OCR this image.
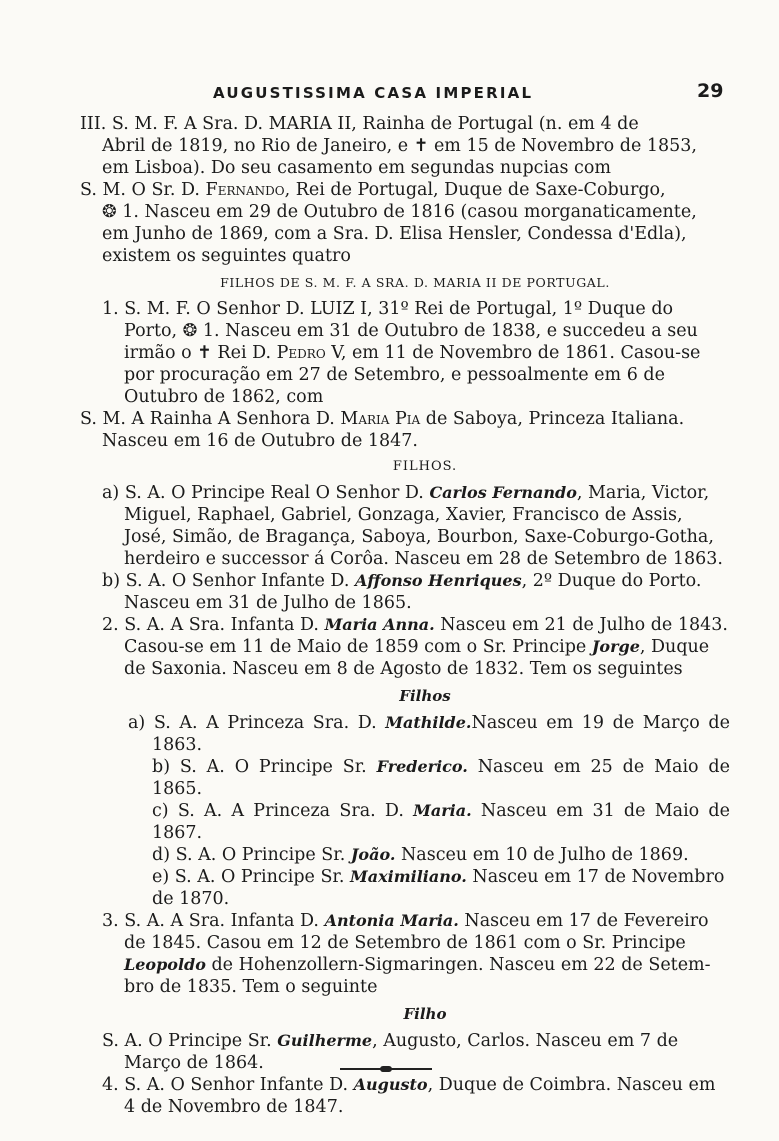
AUGUSTISSIMA CASA IMPERIAL	29
III. S. M. F. A Sra. D. MARIA II, Rainha de Portugal (n. em 4 de
Abril de 1819, no Rio de Janeiro, e ✝ em 15 de Novembro de 1853,
em Lisboa). Do seu casamento em segundas nupcias com
S. M. O Sr. D. Fernando, Rei de Portugal, Duque de Saxe-Coburgo,
❂ 1. Nasceu em 29 de Outubro de 1816 (casou morganaticamente,
em Junho de 1869, com a Sra. D. Elisa Hensler, Condessa d'Edla),
existem os seguintes quatro
FILHOS DE S. M. F. A SRA. D. MARIA II DE PORTUGAL.
1. S. M. F. O Senhor D. LUIZ I, 31º Rei de Portugal, 1º Duque do
Porto, ❂ 1. Nasceu em 31 de Outubro de 1838, e succedeu a seu
irmão o ✝ Rei D. Pedro V, em 11 de Novembro de 1861. Casou-se
por procuração em 27 de Setembro, e pessoalmente em 6 de
Outubro de 1862, com
S. M. A Rainha A Senhora D. Maria Pia de Saboya, Princeza Italiana.
Nasceu em 16 de Outubro de 1847.
FILHOS.
a) S. A. O Principe Real O Senhor D. Carlos Fernando, Maria, Victor,
Miguel, Raphael, Gabriel, Gonzaga, Xavier, Francisco de Assis,
José, Simão, de Bragança, Saboya, Bourbon, Saxe-Coburgo-Gotha,
herdeiro e successor á Corôa. Nasceu em 28 de Setembro de 1863.
b) S. A. O Senhor Infante D. Affonso Henriques, 2º Duque do Porto.
Nasceu em 31 de Julho de 1865.
2. S. A. A Sra. Infanta D. Maria Anna. Nasceu em 21 de Julho de 1843.
Casou-se em 11 de Maio de 1859 com o Sr. Principe Jorge, Duque
de Saxonia. Nasceu em 8 de Agosto de 1832. Tem os seguintes
Filhos
a) S. A. A Princeza Sra. D. Mathilde.Nasceu em 19 de Março de 1863.
b) S. A. O Principe Sr. Frederico. Nasceu em 25 de Maio de 1865.
c) S. A. A Princeza Sra. D. Maria. Nasceu em 31 de Maio de 1867.
d) S. A. O Principe Sr. João. Nasceu em 10 de Julho de 1869.
e) S. A. O Principe Sr. Maximiliano. Nasceu em 17 de Novembro
de 1870.
3. S. A. A Sra. Infanta D. Antonia Maria. Nasceu em 17 de Fevereiro
de 1845. Casou em 12 de Setembro de 1861 com o Sr. Principe
Leopoldo de Hohenzollern-Sigmaringen. Nasceu em 22 de Setem-
bro de 1835. Tem o seguinte
Filho
S. A. O Principe Sr. Guilherme, Augusto, Carlos. Nasceu em 7 de
Março de 1864.
4. S. A. O Senhor Infante D. Augusto, Duque de Coimbra. Nasceu em
4 de Novembro de 1847.
